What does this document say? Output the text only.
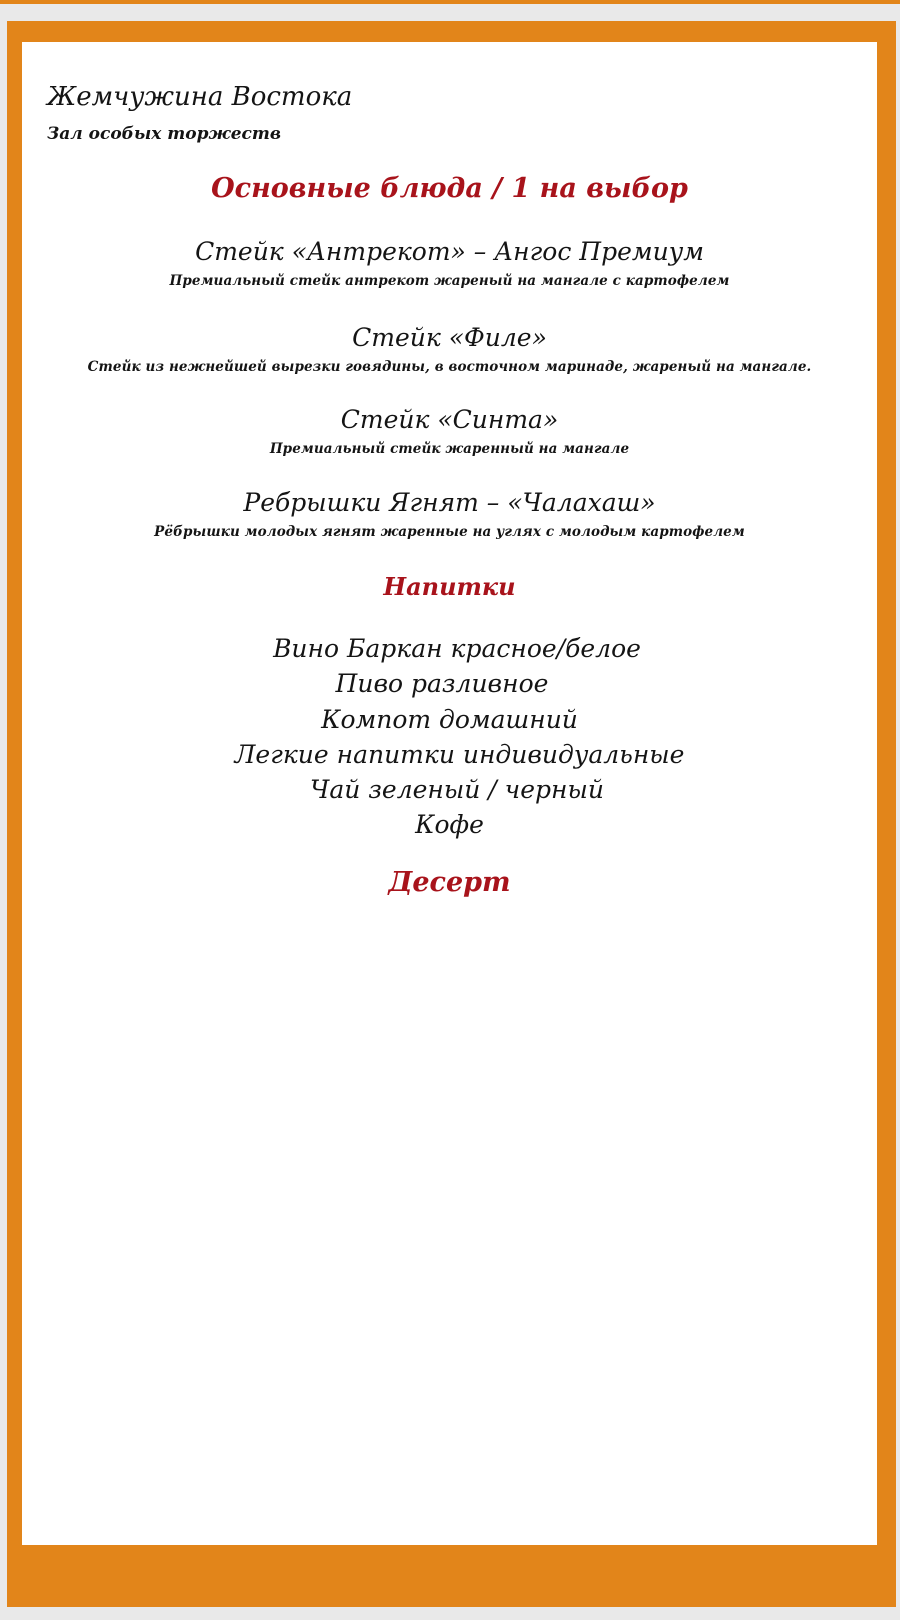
Жемчужина Востока
Зал особых торжеств
Основные блюда / 1 на выбор
Стейк «Антрекот» – Ангос Премиум
Премиальный стейк антрекот жареный на мангале с картофелем
Стейк «Филе»
Стейк из нежнейшей вырезки говядины, в восточном маринаде, жареный на мангале.
Стейк «Синта»
Премиальный стейк жаренный на мангале
Ребрышки Ягнят – «Чалахаш»
Рёбрышки молодых ягнят жаренные на углях с молодым картофелем
Напитки
Вино Баркан красное/белое
Пиво разливное
Компот домашний
Легкие напитки индивидуальные
Чай зеленый / черный
Кофе
Десерт
